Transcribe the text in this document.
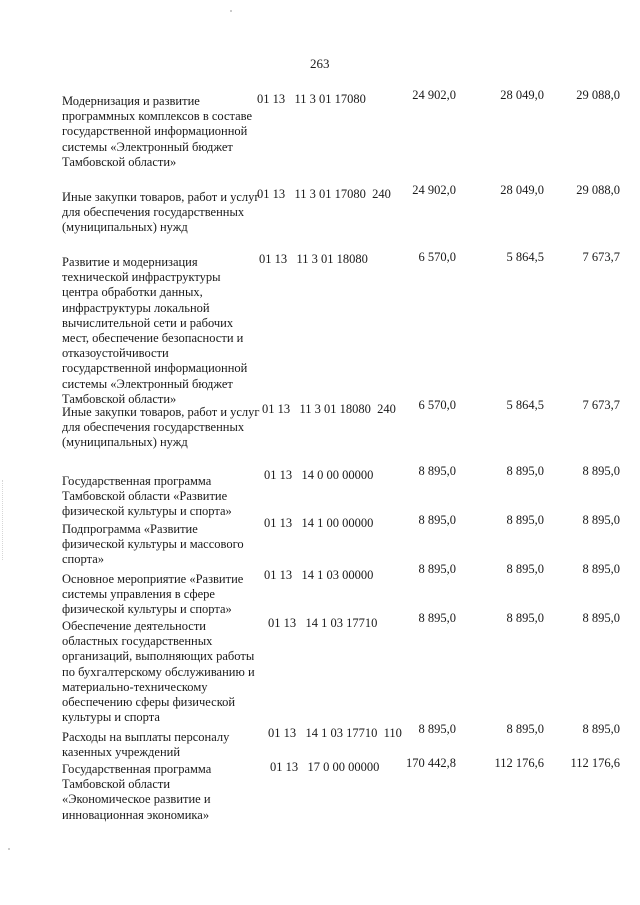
263
Модернизация и развитие программных комплексов в составе государственной информационной системы «Электронный бюджет Тамбовской области»
01 13   11 3 01 17080	24 902,0	28 049,0	29 088,0
Иные закупки товаров, работ и услуг для обеспечения государственных (муниципальных) нужд
01 13   11 3 01 17080  240	24 902,0	28 049,0	29 088,0
Развитие и модернизация технической инфраструктуры центра обработки данных, инфраструктуры локальной вычислительной сети и рабочих мест, обеспечение безопасности и отказоустойчивости государственной информационной системы «Электронный бюджет Тамбовской области»
01 13   11 3 01 18080	6 570,0	5 864,5	7 673,7
Иные закупки товаров, работ и услуг для обеспечения государственных (муниципальных) нужд
01 13   11 3 01 18080  240	6 570,0	5 864,5	7 673,7
Государственная программа Тамбовской области «Развитие физической культуры и спорта»
01 13   14 0 00 00000	8 895,0	8 895,0	8 895,0
Подпрограмма «Развитие физической культуры и массового спорта»
01 13   14 1 00 00000	8 895,0	8 895,0	8 895,0
Основное мероприятие «Развитие системы управления в сфере физической культуры и спорта»
01 13   14 1 03 00000	8 895,0	8 895,0	8 895,0
Обеспечение деятельности областных государственных организаций, выполняющих работы по бухгалтерскому обслуживанию и материально-техническому обеспечению сферы физической культуры и спорта
01 13   14 1 03 17710	8 895,0	8 895,0	8 895,0
Расходы на выплаты персоналу казенных учреждений
01 13   14 1 03 17710  110	8 895,0	8 895,0	8 895,0
Государственная программа Тамбовской области «Экономическое развитие и инновационная экономика»
01 13   17 0 00 00000	170 442,8	112 176,6	112 176,6
